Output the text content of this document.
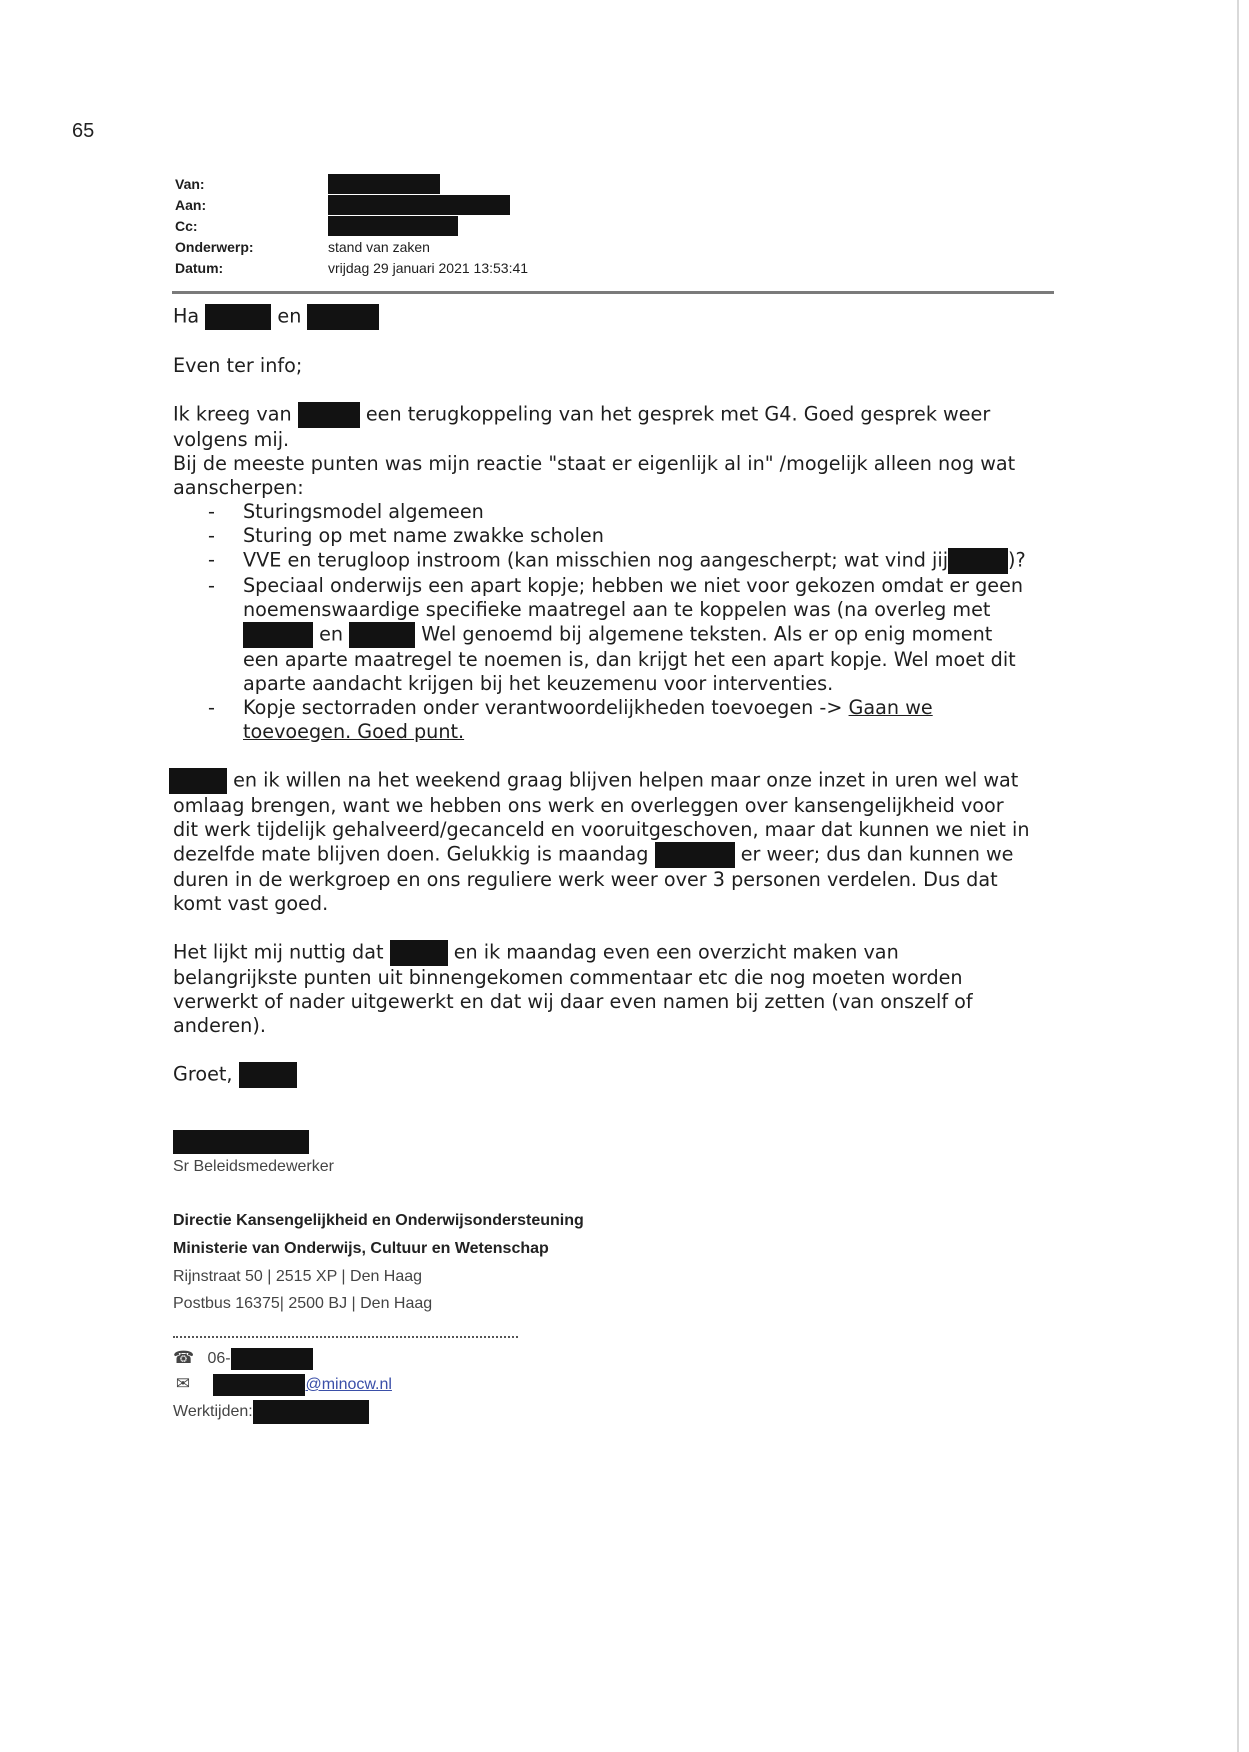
65
Van:
Aan:
Cc:
Onderwerp:	stand van zaken
Datum:	vrijdag 29 januari 2021 13:53:41

Ha	en

Even ter info;

Ik kreeg van	een terugkoppeling van het gesprek met G4. Goed gesprek weer

volgens mij.

Bij de meeste punten was mijn reactie "staat er eigenlijk al in" /mogelijk alleen nog wat

aanscherpen:

- Sturingsmodel algemeen

- Sturing op met name zwakke scholen

- VVE en terugloop instroom (kan misschien nog aangescherpt; wat vind jij	)?

- Speciaal onderwijs een apart kopje; hebben we niet voor gekozen omdat er geen

noemenswaardige specifieke maatregel aan te koppelen was (na overleg met

en	Wel genoemd bij algemene teksten. Als er op enig moment

een aparte maatregel te noemen is, dan krijgt het een apart kopje. Wel moet dit

aparte aandacht krijgen bij het keuzemenu voor interventies.

- Kopje sectorraden onder verantwoordelijkheden toevoegen -> Gaan we

toevoegen. Goed punt.

en ik willen na het weekend graag blijven helpen maar onze inzet in uren wel wat

omlaag brengen, want we hebben ons werk en overleggen over kansengelijkheid voor

dit werk tijdelijk gehalveerd/gecanceld en vooruitgeschoven, maar dat kunnen we niet in

dezelfde mate blijven doen. Gelukkig is maandag	er weer; dus dan kunnen we

duren in de werkgroep en ons reguliere werk weer over 3 personen verdelen. Dus dat

komt vast goed.

Het lijkt mij nuttig dat	en ik maandag even een overzicht maken van

belangrijkste punten uit binnengekomen commentaar etc die nog moeten worden

verwerkt of nader uitgewerkt en dat wij daar even namen bij zetten (van onszelf of

anderen).

Groet,

Sr Beleidsmedewerker
Directie Kansengelijkheid en Onderwijsondersteuning
Ministerie van Onderwijs, Cultuur en Wetenschap
Rijnstraat 50 | 2515 XP | Den Haag
Postbus 16375| 2500 BJ | Den Haag
☎ 06-
✉	@minocw.nl
Werktijden:
